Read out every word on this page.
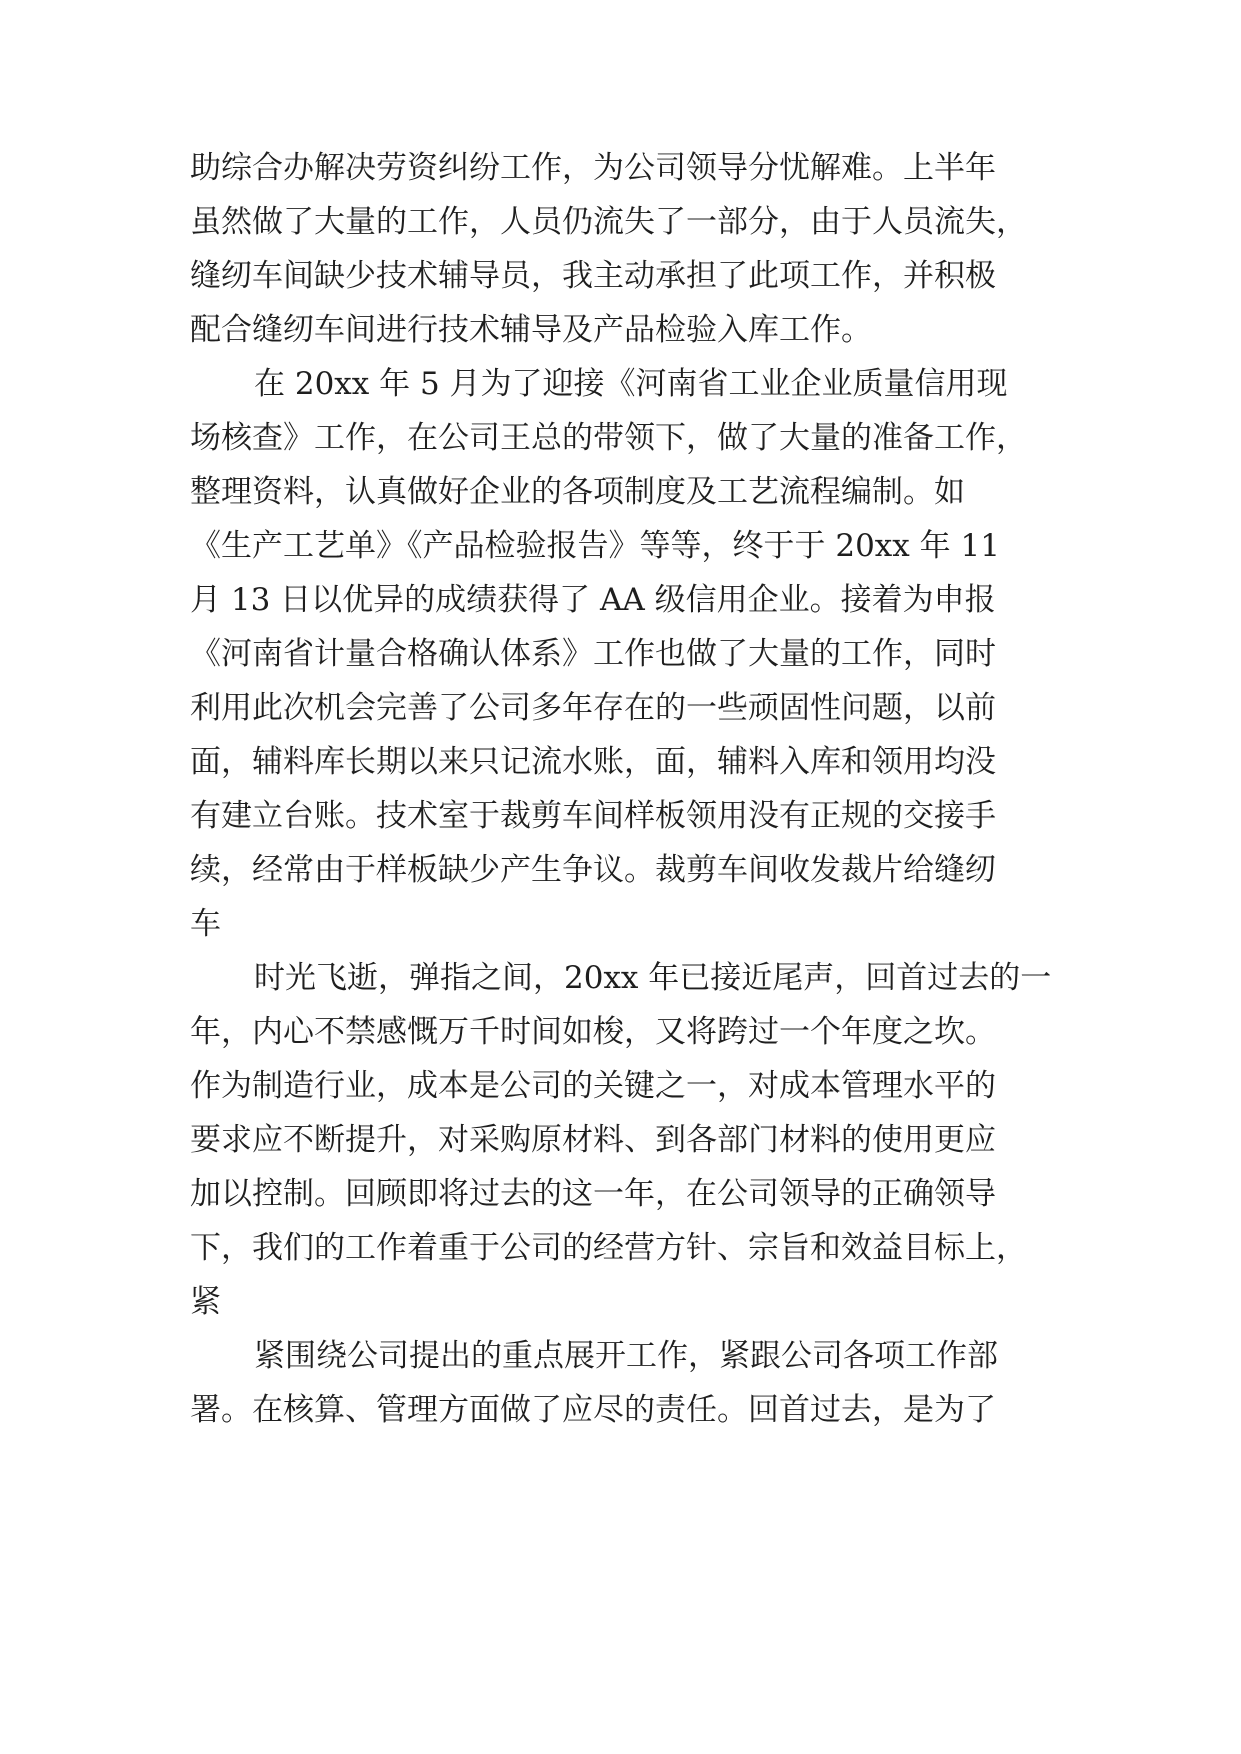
助综合办解决劳资纠纷工作，为公司领导分忧解难。上半年
虽然做了大量的工作，人员仍流失了一部分，由于人员流失，
缝纫车间缺少技术辅导员，我主动承担了此项工作，并积极
配合缝纫车间进行技术辅导及产品检验入库工作。
在 20xx 年 5 月为了迎接《河南省工业企业质量信用现
场核查》工作，在公司王总的带领下，做了大量的准备工作，
整理资料，认真做好企业的各项制度及工艺流程编制。如
《生产工艺单》《产品检验报告》等等，终于于 20xx 年 11
月 13 日以优异的成绩获得了 AA 级信用企业。接着为申报
《河南省计量合格确认体系》工作也做了大量的工作，同时
利用此次机会完善了公司多年存在的一些顽固性问题，以前
面，辅料库长期以来只记流水账，面，辅料入库和领用均没
有建立台账。技术室于裁剪车间样板领用没有正规的交接手
续，经常由于样板缺少产生争议。裁剪车间收发裁片给缝纫
车
时光飞逝，弹指之间，20xx 年已接近尾声，回首过去的一
年，内心不禁感慨万千时间如梭，又将跨过一个年度之坎。
作为制造行业，成本是公司的关键之一，对成本管理水平的
要求应不断提升，对采购原材料、到各部门材料的使用更应
加以控制。回顾即将过去的这一年，在公司领导的正确领导
下，我们的工作着重于公司的经营方针、宗旨和效益目标上，
紧
紧围绕公司提出的重点展开工作，紧跟公司各项工作部
署。在核算、管理方面做了应尽的责任。回首过去，是为了
